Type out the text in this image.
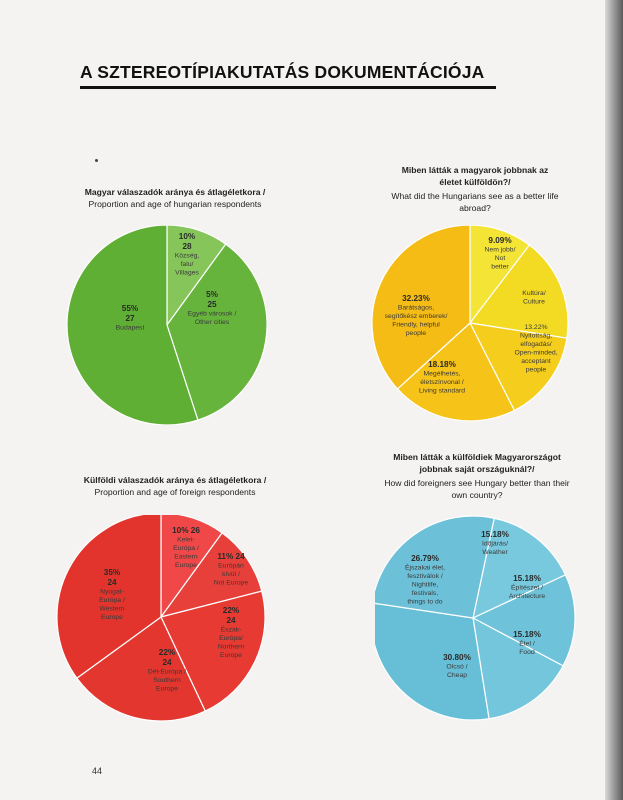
A SZTEREOTÍPIAKUTATÁS DOKUMENTÁCIÓJA
Magyar válaszadók aránya és átlagéletkora /
Proportion and age of hungarian respondents
Miben látták a magyarok jobbnak az életet külföldön?/
What did the Hungarians see as a better life abroad?
Külföldi válaszadók aránya és átlagéletkora /
Proportion and age of foreign respondents
Miben látták a külföldiek Magyarországot jobbnak saját országuknál?/
How did foreigners see Hungary better than their own country?
10% 28 Község, falu/ Villages
5% 25 Egyéb városok / Other cities
55% 27 Budapest
9.09% Nem jobb/ Not better
Kultúra/ Culture
13.22% Nyitottság, elfogadás/ Open-minded, acceptant people
18.18% Megélhetés, életszínvonal / Living standard
32.23% Barátságos, segítőkész emberek/ Friendly, helpful people
10% 26 Kelet-Európa / Eastern Europe
11% 24 Európán kívül / Not Europe
22% 24 Észak-Európa/ Northern Europe
22% 24 Dél-Európa / Southern Europe
35% 24 Nyugat-Európa / Western Europe
15.18% Időjárás/ Weather
15.18% Építészet / Architecture
15.18% Étel / Food
30.80% Olcsó / Cheap
26.79% Éjszakai élet, fesztiválok / Nightlife, festivals, things to do
44
